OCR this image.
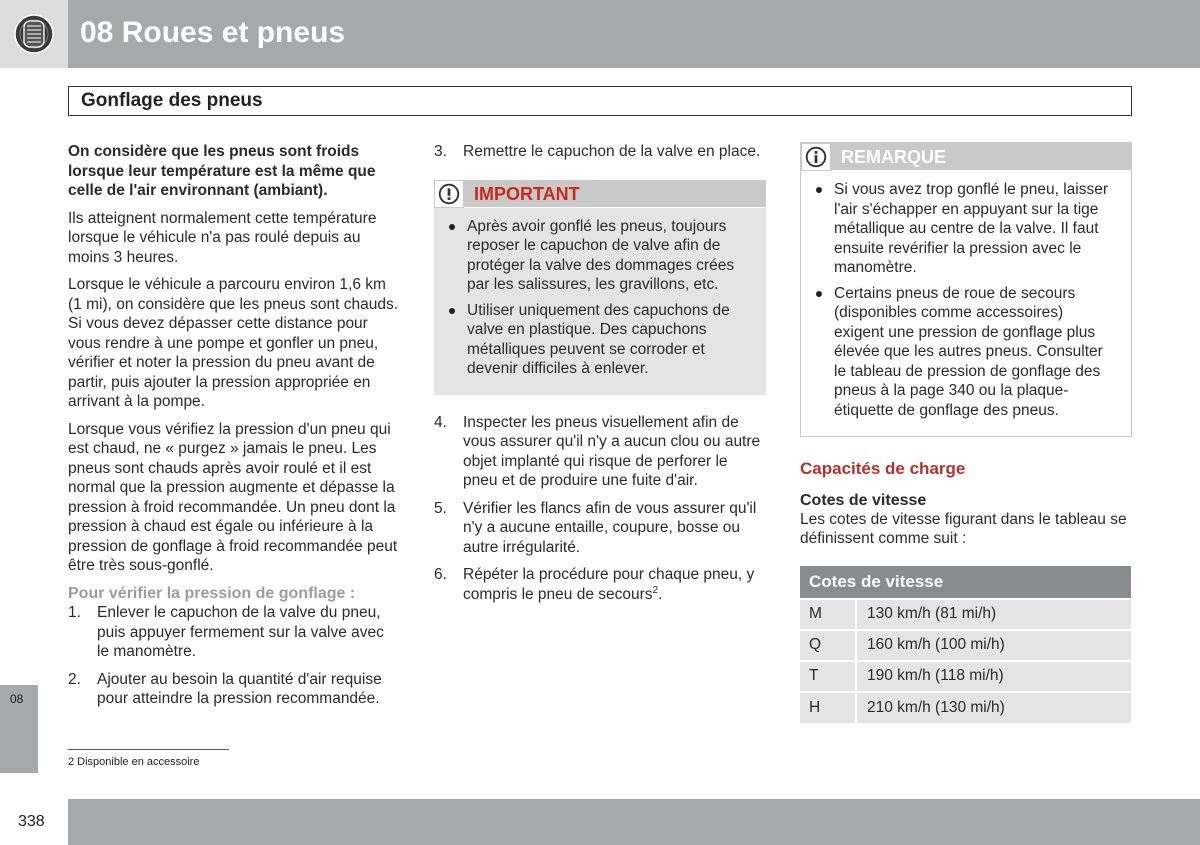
08 Roues et pneus
Gonflage des pneus

On considère que les pneus sont froids lorsque leur température est la même que celle de l'air environnant (ambiant).

Ils atteignent normalement cette température lorsque le véhicule n'a pas roulé depuis au moins 3 heures.

Lorsque le véhicule a parcouru environ 1,6 km (1 mi), on considère que les pneus sont chauds. Si vous devez dépasser cette distance pour vous rendre à une pompe et gonfler un pneu, vérifier et noter la pression du pneu avant de partir, puis ajouter la pression appropriée en arrivant à la pompe.

Lorsque vous vérifiez la pression d'un pneu qui est chaud, ne « purgez » jamais le pneu. Les pneus sont chauds après avoir roulé et il est normal que la pression augmente et dépasse la pression à froid recommandée. Un pneu dont la pression à chaud est égale ou inférieure à la pression de gonflage à froid recommandée peut être très sous-gonflé.

Pour vérifier la pression de gonflage :
1. Enlever le capuchon de la valve du pneu, puis appuyer fermement sur la valve avec le manomètre.
2. Ajouter au besoin la quantité d'air requise pour atteindre la pression recommandée.
3. Remettre le capuchon de la valve en place.
IMPORTANT
Après avoir gonflé les pneus, toujours reposer le capuchon de valve afin de protéger la valve des dommages crées par les salissures, les gravillons, etc.
Utiliser uniquement des capuchons de valve en plastique. Des capuchons métalliques peuvent se corroder et devenir difficiles à enlever.
4. Inspecter les pneus visuellement afin de vous assurer qu'il n'y a aucun clou ou autre objet implanté qui risque de perforer le pneu et de produire une fuite d'air.
5. Vérifier les flancs afin de vous assurer qu'il n'y a aucune entaille, coupure, bosse ou autre irrégularité.
6. Répéter la procédure pour chaque pneu, y compris le pneu de secours$^2$.
REMARQUE
Si vous avez trop gonflé le pneu, laisser l'air s'échapper en appuyant sur la tige métallique au centre de la valve. Il faut ensuite revérifier la pression avec le manomètre.
Certains pneus de roue de secours (disponibles comme accessoires) exigent une pression de gonflage plus élevée que les autres pneus. Consulter le tableau de pression de gonflage des pneus à la page 340 ou la plaque-étiquette de gonflage des pneus.
Capacités de charge
Cotes de vitesse
Les cotes de vitesse figurant dans le tableau se définissent comme suit :
Cotes de vitesse	
M	130 km/h (81 mi/h)
Q	160 km/h (100 mi/h)
T	190 km/h (118 mi/h)
H	210 km/h (130 mi/h)
08
2 Disponible en accessoire
338
